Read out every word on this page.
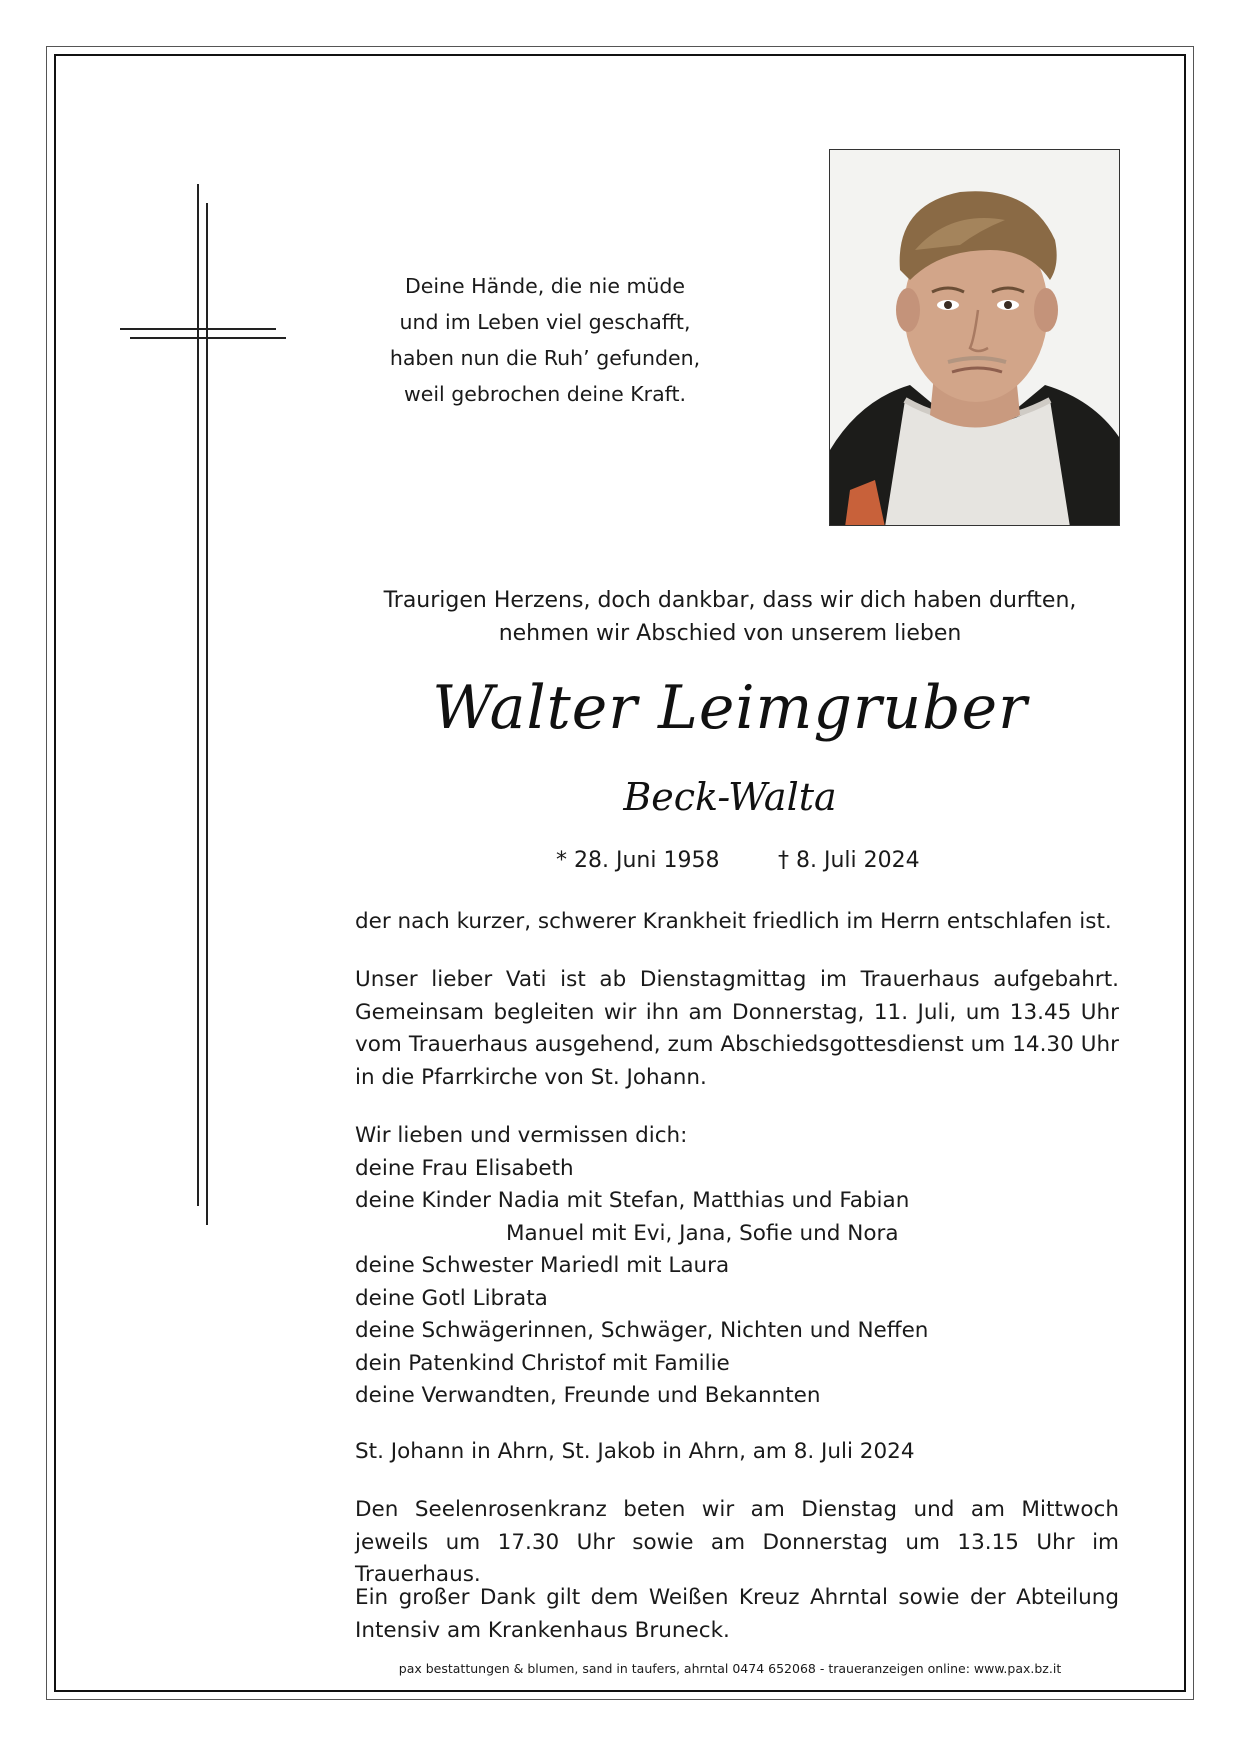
Deine Hände, die nie müde
und im Leben viel geschafft,
haben nun die Ruh’ gefunden,
weil gebrochen deine Kraft.
Traurigen Herzens, doch dankbar, dass wir dich haben durften,
nehmen wir Abschied von unserem lieben
Walter Leimgruber
Beck-Walta
* 28. Juni 1958	† 8. Juli 2024
der nach kurzer, schwerer Krankheit friedlich im Herrn entschlafen ist.
Unser lieber Vati ist ab Dienstagmittag im Trauerhaus aufgebahrt. Gemeinsam begleiten wir ihn am Donnerstag, 11. Juli, um 13.45 Uhr vom Trauerhaus ausgehend, zum Abschiedsgottesdienst um 14.30 Uhr in die Pfarrkirche von St. Johann.
Wir lieben und vermissen dich:
deine Frau Elisabeth
deine Kinder Nadia mit Stefan, Matthias und Fabian
Manuel mit Evi, Jana, Sofie und Nora
deine Schwester Mariedl mit Laura
deine Gotl Librata
deine Schwägerinnen, Schwäger, Nichten und Neffen
dein Patenkind Christof mit Familie
deine Verwandten, Freunde und Bekannten
St. Johann in Ahrn, St. Jakob in Ahrn, am 8. Juli 2024
Den Seelenrosenkranz beten wir am Dienstag und am Mittwoch jeweils um 17.30 Uhr sowie am Donnerstag um 13.15 Uhr im Trauerhaus.
Ein großer Dank gilt dem Weißen Kreuz Ahrntal sowie der Abteilung Intensiv am Krankenhaus Bruneck.
pax bestattungen & blumen, sand in taufers, ahrntal 0474 652068 - traueranzeigen online: www.pax.bz.it
